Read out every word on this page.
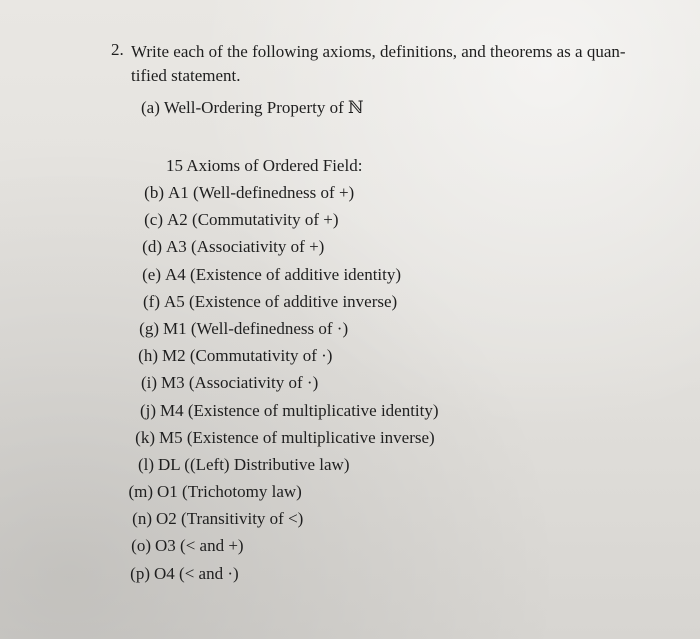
2. Write each of the following axioms, definitions, and theorems as a quan-tified statement.
(a) Well-Ordering Property of ℕ
15 Axioms of Ordered Field:
(b) A1 (Well-definedness of +)
(c) A2 (Commutativity of +)
(d) A3 (Associativity of +)
(e) A4 (Existence of additive identity)
(f) A5 (Existence of additive inverse)
(g) M1 (Well-definedness of ·)
(h) M2 (Commutativity of ·)
(i) M3 (Associativity of ·)
(j) M4 (Existence of multiplicative identity)
(k) M5 (Existence of multiplicative inverse)
(l) DL ((Left) Distributive law)
(m) O1 (Trichotomy law)
(n) O2 (Transitivity of <)
(o) O3 (< and +)
(p) O4 (< and ·)
